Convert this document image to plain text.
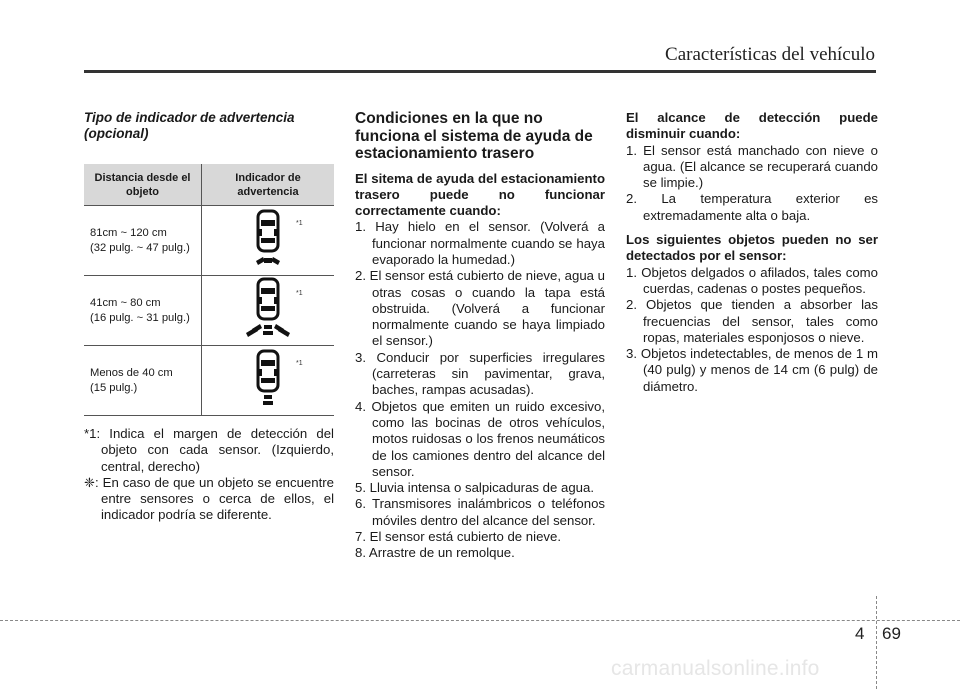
Características del vehículo
Tipo de indicador de advertencia (opcional)
Distancia desde el objeto	Indicador de advertencia

81cm ~ 120 cm
(32 pulg. ~ 47 pulg.)	*1

41cm ~ 80 cm
(16 pulg. ~ 31 pulg.)	*1

Menos de 40 cm
(15 pulg.)	*1

*1: Indica el margen de detección del objeto con cada sensor. (Izquierdo, central, derecho)

❈: En caso de que un objeto se encuentre entre sensores o cerca de ellos, el indicador podría se diferente.

Condiciones en la que no funciona el sistema de ayuda de estacionamiento trasero

El sitema de ayuda del estacionamiento trasero puede no funcionar correctamente cuando:

1. Hay hielo en el sensor. (Volverá a funcionar normalmente cuando se haya evaporado la humedad.)

2. El sensor está cubierto de nieve, agua u otras cosas o cuando la tapa está obstruida. (Volverá a funcionar normalmente cuando se haya limpiado el sensor.)

3. Conducir por superficies irregulares (carreteras sin pavimentar, grava, baches, rampas acusadas).

4. Objetos que emiten un ruido excesivo, como las bocinas de otros vehículos, motos ruidosas o los frenos neumáticos de los camiones dentro del alcance del sensor.

5. Lluvia intensa o salpicaduras de agua.

6. Transmisores inalámbricos o teléfonos móviles dentro del alcance del sensor.

7. El sensor está cubierto de nieve.

8. Arrastre de un remolque.

El alcance de detección puede disminuir cuando:

1. El sensor está manchado con nieve o agua. (El alcance se recuperará cuando se limpie.)

2. La temperatura exterior es extremadamente alta o baja.

Los siguientes objetos pueden no ser detectados por el sensor:

1. Objetos delgados o afilados, tales como cuerdas, cadenas o postes pequeños.

2. Objetos que tienden a absorber las frecuencias del sensor, tales como ropas, materiales esponjosos o nieve.

3. Objetos indetectables, de menos de 1 m (40 pulg) y menos de 14 cm (6 pulg) de diámetro.

4 69
carmanualsonline.info
